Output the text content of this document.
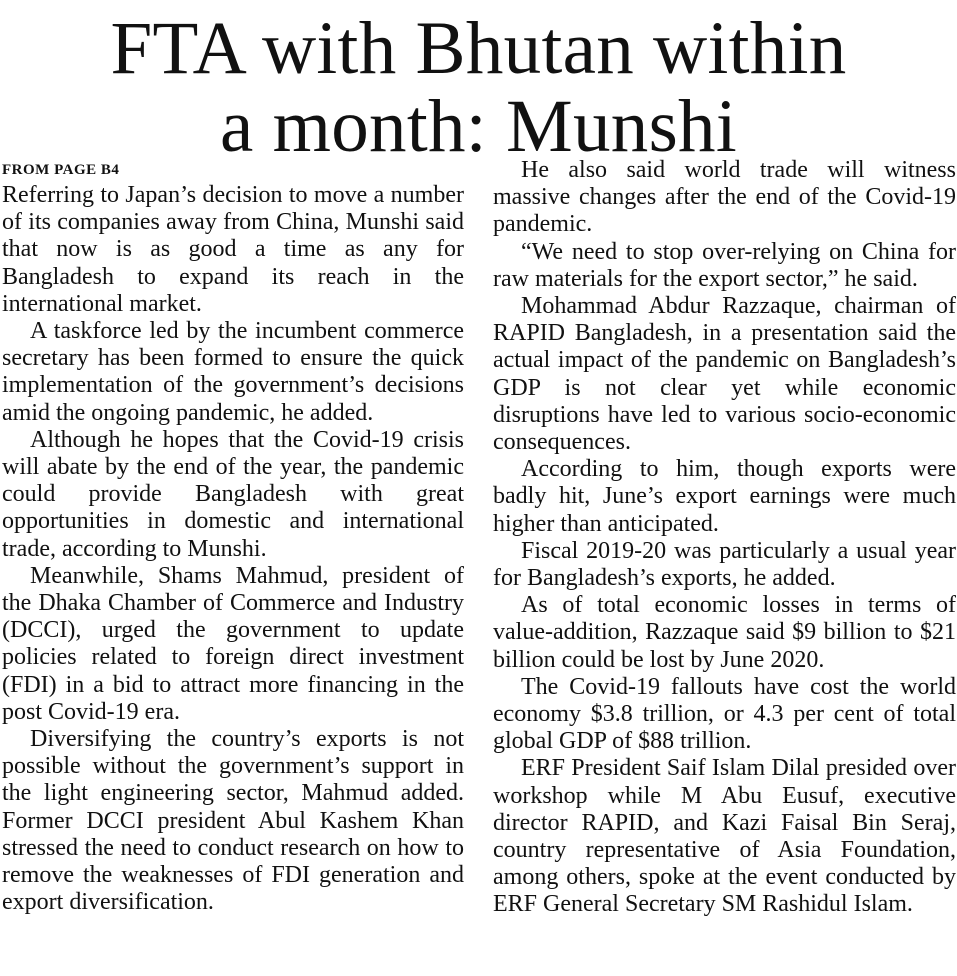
FTA with Bhutan within
a month: Munshi

FROM PAGE B4

Referring to Japan’s decision to move a number of its companies away from China, Munshi said that now is as good a time as any for Bangladesh to expand its reach in the international market.

A taskforce led by the incumbent commerce secretary has been formed to ensure the quick implementation of the government’s decisions amid the ongoing pandemic, he added.

Although he hopes that the Covid-19 crisis will abate by the end of the year, the pandemic could provide Bangladesh with great opportunities in domestic and international trade, according to Munshi.

Meanwhile, Shams Mahmud, president of the Dhaka Chamber of Commerce and Industry (DCCI), urged the government to update policies related to foreign direct investment (FDI) in a bid to attract more financing in the post Covid-19 era.

Diversifying the country’s exports is not possible without the government’s support in the light engineering sector, Mahmud added. Former DCCI president Abul Kashem Khan stressed the need to conduct research on how to remove the weaknesses of FDI generation and export diversification.

He also said world trade will witness massive changes after the end of the Covid-19 pandemic.

“We need to stop over-relying on China for raw materials for the export sector,” he said.

Mohammad Abdur Razzaque, chairman of RAPID Bangladesh, in a presentation said the actual impact of the pandemic on Bangladesh’s GDP is not clear yet while economic disruptions have led to various socio-economic consequences.

According to him, though exports were badly hit, June’s export earnings were much higher than anticipated.

Fiscal 2019-20 was particularly a usual year for Bangladesh’s exports, he added.

As of total economic losses in terms of value-addition, Razzaque said $9 billion to $21 billion could be lost by June 2020.

The Covid-19 fallouts have cost the world economy $3.8 trillion, or 4.3 per cent of total global GDP of $88 trillion.

ERF President Saif Islam Dilal presided over workshop while M Abu Eusuf, executive director RAPID, and Kazi Faisal Bin Seraj, country representative of Asia Foundation, among others, spoke at the event conducted by ERF General Secretary SM Rashidul Islam.
